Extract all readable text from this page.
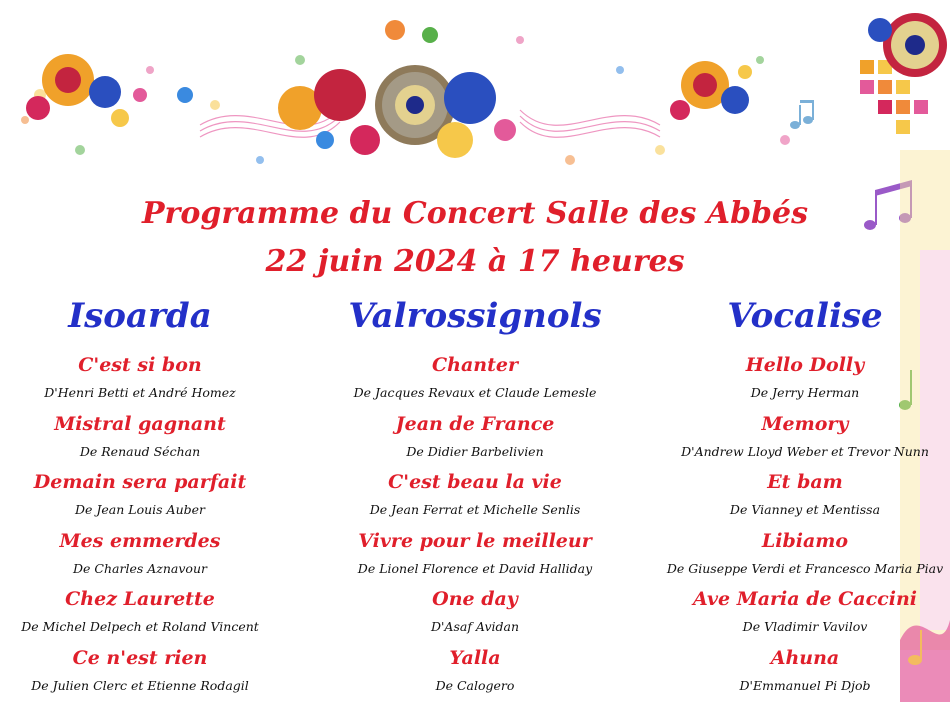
Programme du Concert Salle des Abbés
22 juin 2024 à 17 heures
Isoarda
C'est si bon
D'Henri Betti et André Homez
Mistral gagnant
De Renaud Séchan
Demain sera parfait
De Jean Louis Auber
Mes emmerdes
De Charles Aznavour
Chez Laurette
De Michel Delpech et Roland Vincent
Ce n'est rien
De Julien Clerc et Etienne Rodagil
Valrossignols
Chanter
De Jacques Revaux et Claude Lemesle
Jean de France
De Didier Barbelivien
C'est beau la vie
De Jean Ferrat et Michelle Senlis
Vivre pour le meilleur
De Lionel Florence et David Halliday
One day
D'Asaf Avidan
Yalla
De Calogero
Vocalise
Hello Dolly
De Jerry Herman
Memory
D'Andrew Lloyd Weber et Trevor Nunn
Et bam
De Vianney et Mentissa
Libiamo
De Giuseppe Verdi et Francesco Maria Piav
Ave Maria de Caccini
De Vladimir Vavilov
Ahuna
D'Emmanuel Pi Djob
